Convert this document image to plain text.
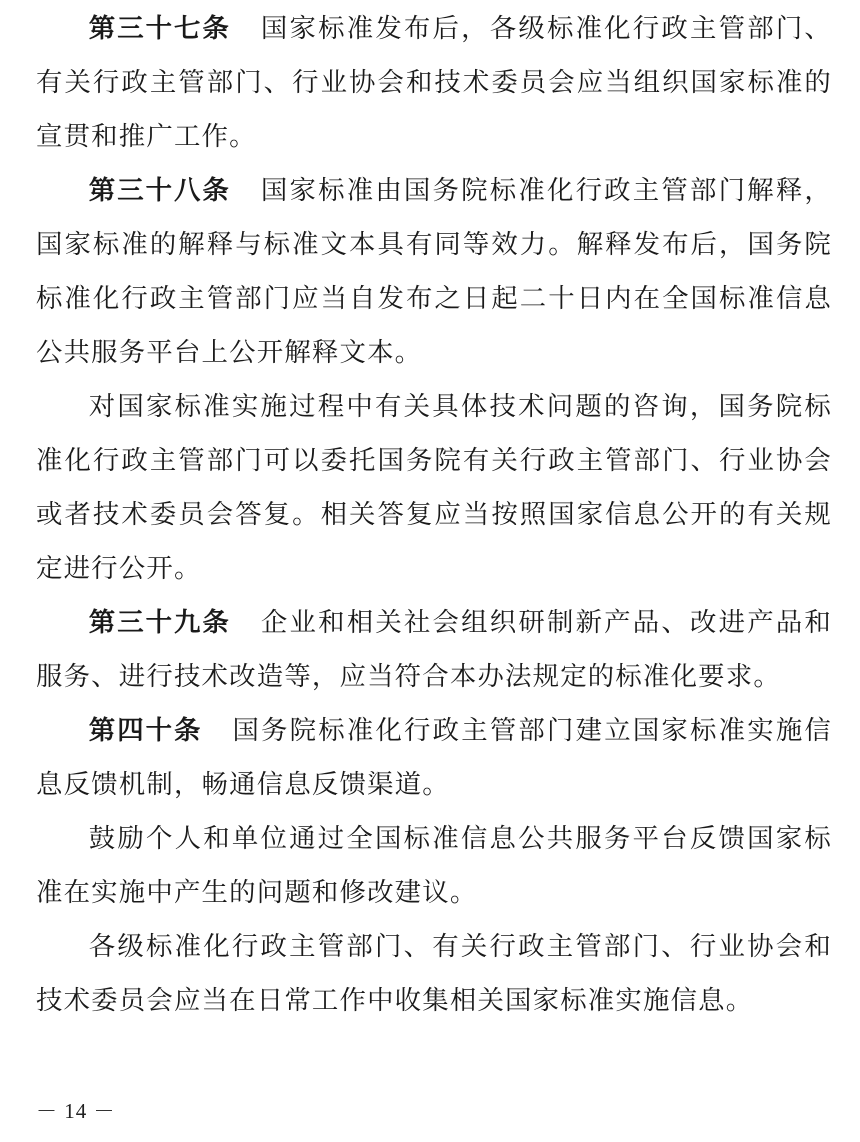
第三十七条 国家标准发布后，各级标准化行政主管部门、有关行政主管部门、行业协会和技术委员会应当组织国家标准的宣贯和推广工作。

第三十八条 国家标准由国务院标准化行政主管部门解释，国家标准的解释与标准文本具有同等效力。解释发布后，国务院标准化行政主管部门应当自发布之日起二十日内在全国标准信息公共服务平台上公开解释文本。

对国家标准实施过程中有关具体技术问题的咨询，国务院标准化行政主管部门可以委托国务院有关行政主管部门、行业协会或者技术委员会答复。相关答复应当按照国家信息公开的有关规定进行公开。

第三十九条 企业和相关社会组织研制新产品、改进产品和服务、进行技术改造等，应当符合本办法规定的标准化要求。

第四十条 国务院标准化行政主管部门建立国家标准实施信息反馈机制，畅通信息反馈渠道。

鼓励个人和单位通过全国标准信息公共服务平台反馈国家标准在实施中产生的问题和修改建议。

各级标准化行政主管部门、有关行政主管部门、行业协会和技术委员会应当在日常工作中收集相关国家标准实施信息。

－ 14 －
